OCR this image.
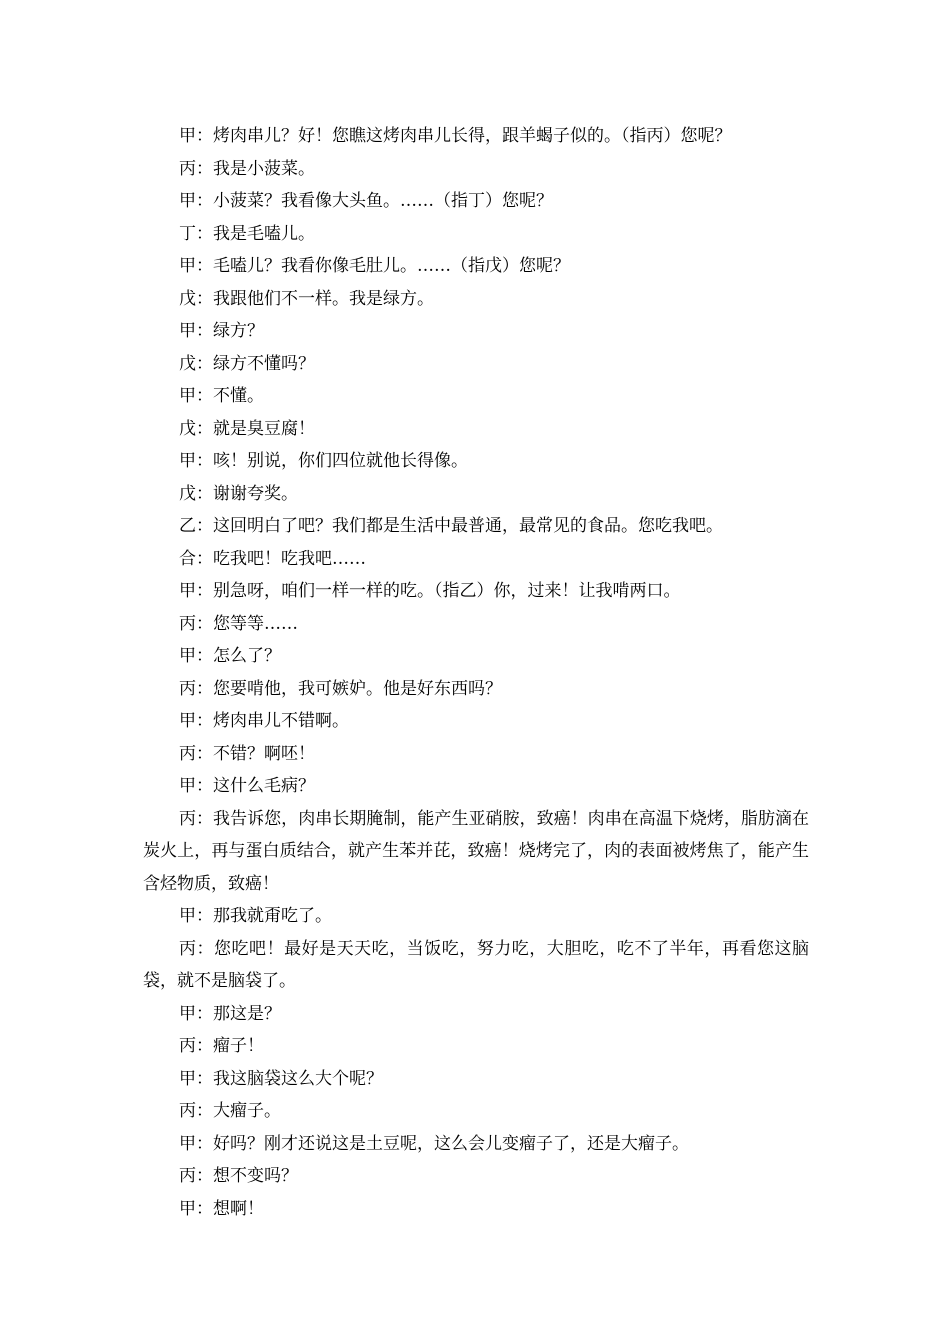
甲：烤肉串儿？好！您瞧这烤肉串儿长得，跟羊蝎子似的。（指丙）您呢？

丙：我是小菠菜。

甲：小菠菜？我看像大头鱼。……（指丁）您呢？

丁：我是毛嗑儿。

甲：毛嗑儿？我看你像毛肚儿。……（指戊）您呢？

戊：我跟他们不一样。我是绿方。

甲：绿方？

戊：绿方不懂吗？

甲：不懂。

戊：就是臭豆腐！

甲：咳！别说，你们四位就他长得像。

戊：谢谢夸奖。

乙：这回明白了吧？我们都是生活中最普通，最常见的食品。您吃我吧。

合：吃我吧！吃我吧……

甲：别急呀，咱们一样一样的吃。（指乙）你，过来！让我啃两口。

丙：您等等……

甲：怎么了？

丙：您要啃他，我可嫉妒。他是好东西吗？

甲：烤肉串儿不错啊。

丙：不错？啊呸！

甲：这什么毛病？

丙：我告诉您，肉串长期腌制，能产生亚硝胺，致癌！肉串在高温下烧烤，脂肪滴在炭火上，再与蛋白质结合，就产生苯并芘，致癌！烧烤完了，肉的表面被烤焦了，能产生含烃物质，致癌！

甲：那我就甭吃了。

丙：您吃吧！最好是天天吃，当饭吃，努力吃，大胆吃，吃不了半年，再看您这脑袋，就不是脑袋了。

甲：那这是？

丙：瘤子！

甲：我这脑袋这么大个呢？

丙：大瘤子。

甲：好吗？刚才还说这是土豆呢，这么会儿变瘤子了，还是大瘤子。

丙：想不变吗？

甲：想啊！
